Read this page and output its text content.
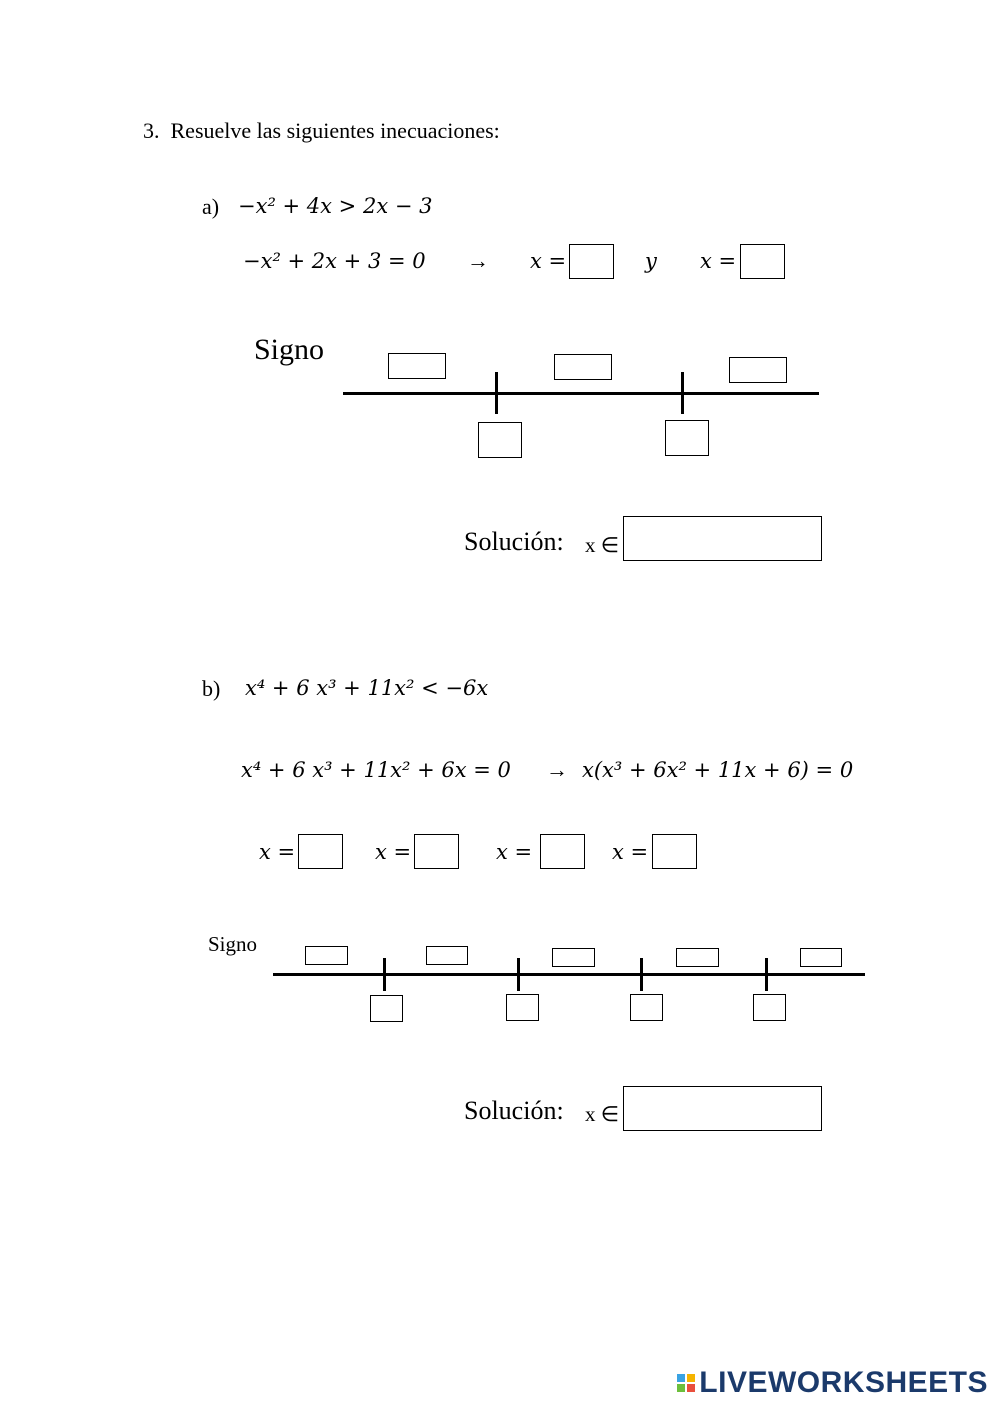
3. Resuelve las siguientes inecuaciones:
a) −x² + 4x > 2x − 3
−x² + 2x + 3 = 0 → x =	y x =
Signo
Solución: x ∈
b) x⁴ + 6 x³ + 11x² < −6x
x⁴ + 6 x³ + 11x² + 6x = 0 → x(x³ + 6x² + 11x + 6) = 0
x =	x =	x =	x =
Signo
Solución: x ∈
LIVEWORKSHEETS
